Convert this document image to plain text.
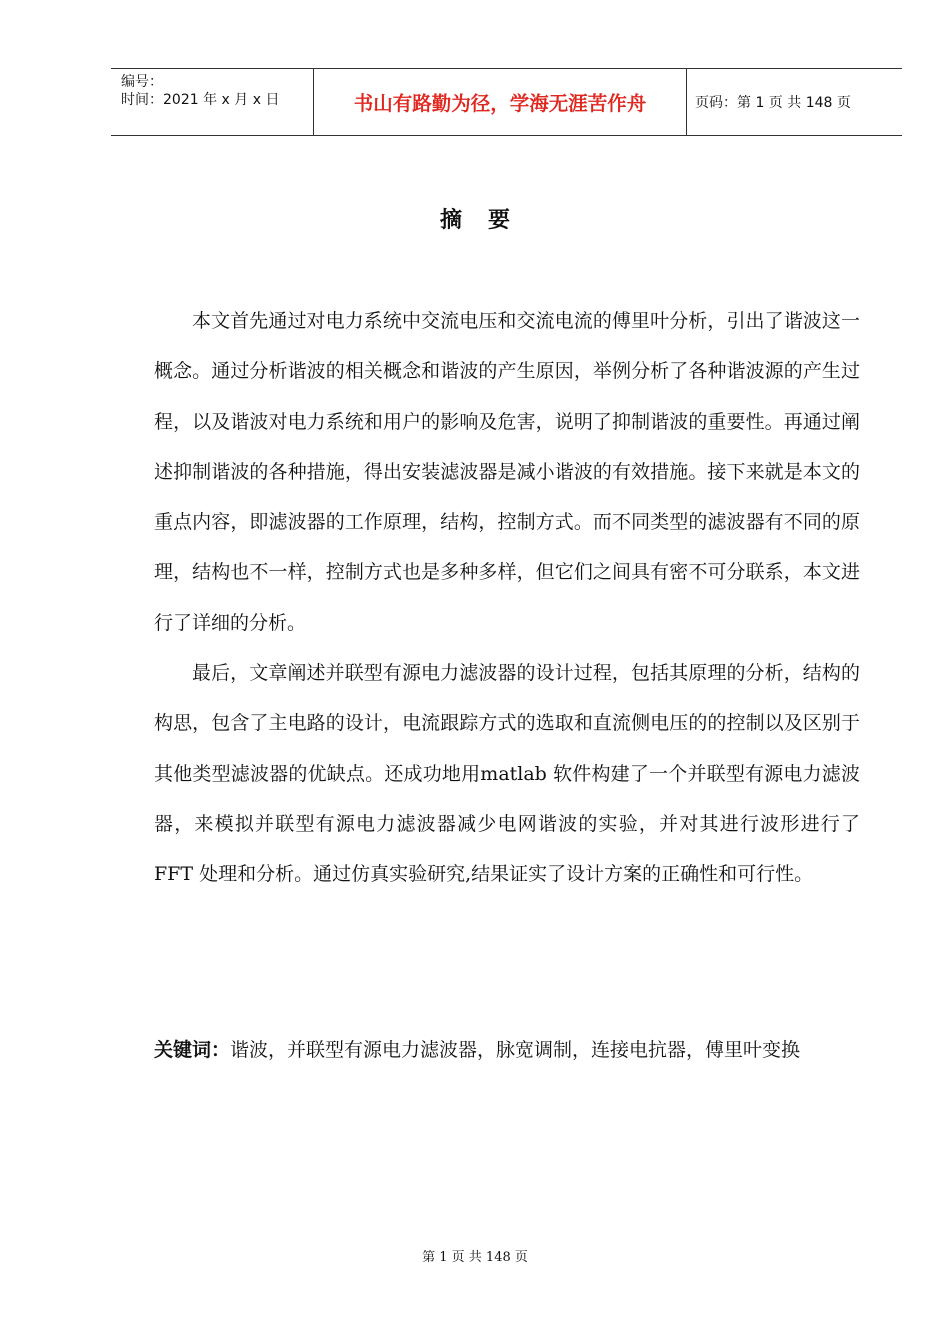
编号：
时间：2021 年 x 月 x 日	书山有路勤为径，学海无涯苦作舟	页码：第 1 页 共 148 页
摘要

本文首先通过对电力系统中交流电压和交流电流的傅里叶分析，引出了谐波这一概念。通过分析谐波的相关概念和谐波的产生原因，举例分析了各种谐波源的产生过程，以及谐波对电力系统和用户的影响及危害，说明了抑制谐波的重要性。再通过阐述抑制谐波的各种措施，得出安装滤波器是减小谐波的有效措施。接下来就是本文的重点内容，即滤波器的工作原理，结构，控制方式。而不同类型的滤波器有不同的原理，结构也不一样，控制方式也是多种多样，但它们之间具有密不可分联系，本文进行了详细的分析。

最后，文章阐述并联型有源电力滤波器的设计过程，包括其原理的分析，结构的构思，包含了主电路的设计，电流跟踪方式的选取和直流侧电压的的控制以及区别于其他类型滤波器的优缺点。还成功地用matlab 软件构建了一个并联型有源电力滤波器，来模拟并联型有源电力滤波器减少电网谐波的实验，并对其进行波形进行了 FFT 处理和分析。通过仿真实验研究,结果证实了设计方案的正确性和可行性。

关键词：谐波，并联型有源电力滤波器，脉宽调制，连接电抗器，傅里叶变换
第 1 页 共 148 页
